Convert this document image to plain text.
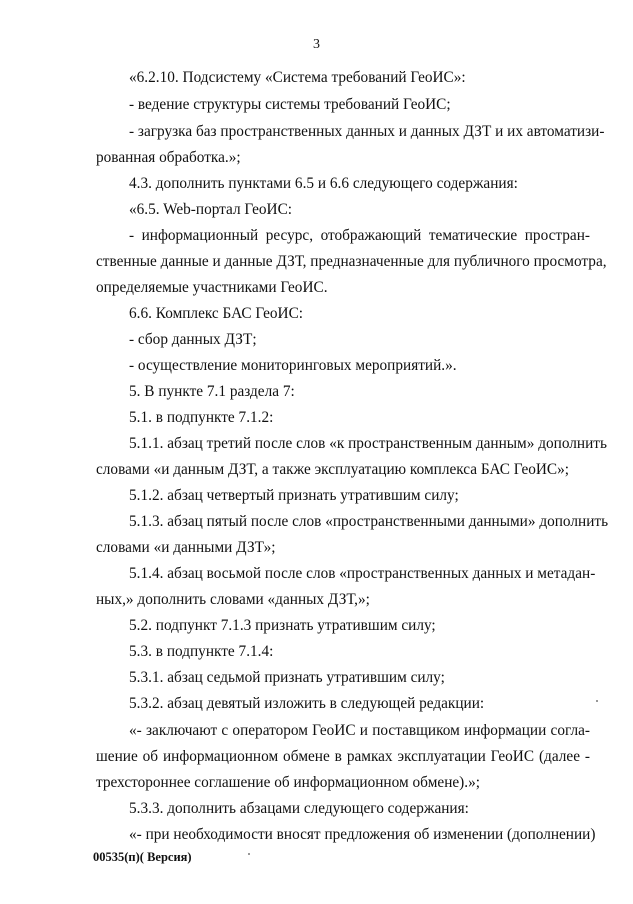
3
«6.2.10. Подсистему «Система требований ГеоИС»:
- ведение структуры системы требований ГеоИС;
- загрузка баз пространственных данных и данных ДЗТ и их автоматизи-
рованная обработка.»;
4.3. дополнить пунктами 6.5 и 6.6 следующего содержания:
«6.5. Web-портал ГеоИС:
- информационный ресурс, отображающий тематические простран-
ственные данные и данные ДЗТ, предназначенные для публичного просмотра,
определяемые участниками ГеоИС.
6.6. Комплекс БАС ГеоИС:
- сбор данных ДЗТ;
- осуществление мониторинговых мероприятий.».
5. В пункте 7.1 раздела 7:
5.1. в подпункте 7.1.2:
5.1.1. абзац третий после слов «к пространственным данным» дополнить
словами «и данным ДЗТ, а также эксплуатацию комплекса БАС ГеоИС»;
5.1.2. абзац четвертый признать утратившим силу;
5.1.3. абзац пятый после слов «пространственными данными» дополнить
словами «и данными ДЗТ»;
5.1.4. абзац восьмой после слов «пространственных данных и метадан-
ных,» дополнить словами «данных ДЗТ,»;
5.2. подпункт 7.1.3 признать утратившим силу;
5.3. в подпункте 7.1.4:
5.3.1. абзац седьмой признать утратившим силу;
5.3.2. абзац девятый изложить в следующей редакции:
«- заключают с оператором ГеоИС и поставщиком информации согла-
шение об информационном обмене в рамках эксплуатации ГеоИС (далее -
трехстороннее соглашение об информационном обмене).»;
5.3.3. дополнить абзацами следующего содержания:
«- при необходимости вносят предложения об изменении (дополнении)
00535(п)( Версия)
